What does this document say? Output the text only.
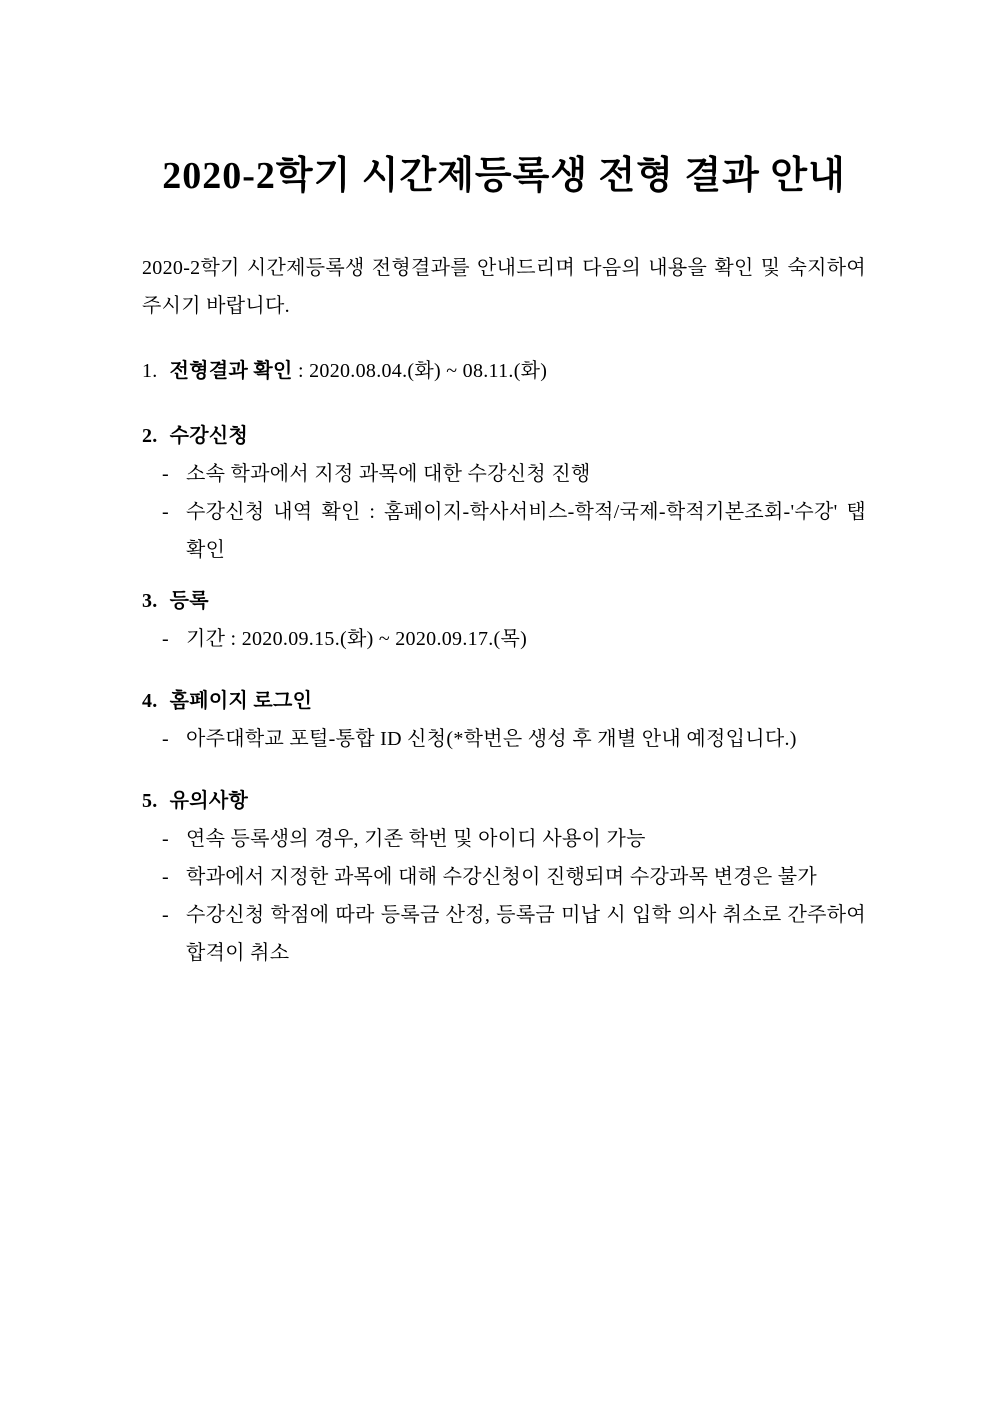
2020-2학기 시간제등록생 전형 결과 안내

2020-2학기 시간제등록생 전형결과를 안내드리며 다음의 내용을 확인 및 숙지하여 주시기 바랍니다.

1. 전형결과 확인 : 2020.08.04.(화) ~ 08.11.(화)
2. 수강신청
- 소속 학과에서 지정 과목에 대한 수강신청 진행
- 수강신청 내역 확인 : 홈페이지-학사서비스-학적/국제-학적기본조회-'수강' 탭 확인
3. 등록
- 기간 : 2020.09.15.(화) ~ 2020.09.17.(목)
4. 홈페이지 로그인
- 아주대학교 포털-통합 ID 신청(*학번은 생성 후 개별 안내 예정입니다.)
5. 유의사항
- 연속 등록생의 경우, 기존 학번 및 아이디 사용이 가능
- 학과에서 지정한 과목에 대해 수강신청이 진행되며 수강과목 변경은 불가
- 수강신청 학점에 따라 등록금 산정, 등록금 미납 시 입학 의사 취소로 간주하여 합격이 취소
